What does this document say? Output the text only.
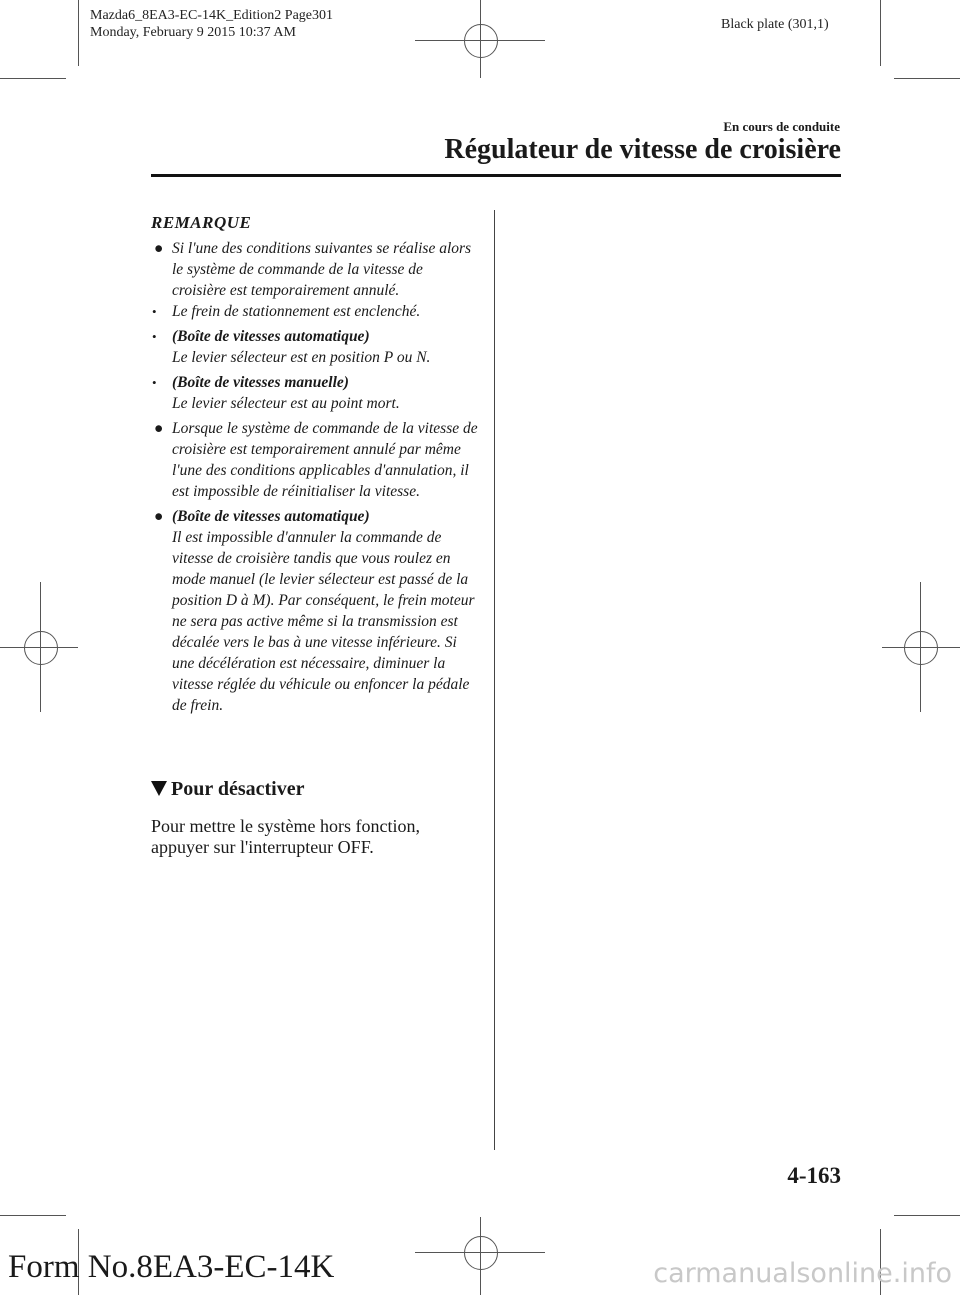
Mazda6_8EA3-EC-14K_Edition2 Page301
Monday, February 9 2015 10:37 AM
Black plate (301,1)
En cours de conduite
Régulateur de vitesse de croisière
REMARQUE
● Si l'une des conditions suivantes se réalise alors le système de commande de la vitesse de croisière est temporairement annulé.
• Le frein de stationnement est enclenché.
• (Boîte de vitesses automatique)
Le levier sélecteur est en position P ou N.
• (Boîte de vitesses manuelle)
Le levier sélecteur est au point mort.
● Lorsque le système de commande de la vitesse de croisière est temporairement annulé par même l'une des conditions applicables d'annulation, il est impossible de réinitialiser la vitesse.
● (Boîte de vitesses automatique)
Il est impossible d'annuler la commande de vitesse de croisière tandis que vous roulez en mode manuel (le levier sélecteur est passé de la position D à M). Par conséquent, le frein moteur ne sera pas active même si la transmission est décalée vers le bas à une vitesse inférieure. Si une décélération est nécessaire, diminuer la vitesse réglée du véhicule ou enfoncer la pédale de frein.
Pour désactiver
Pour mettre le système hors fonction, appuyer sur l'interrupteur OFF.
4-163
Form No.8EA3-EC-14K	carmanualsonline.info
